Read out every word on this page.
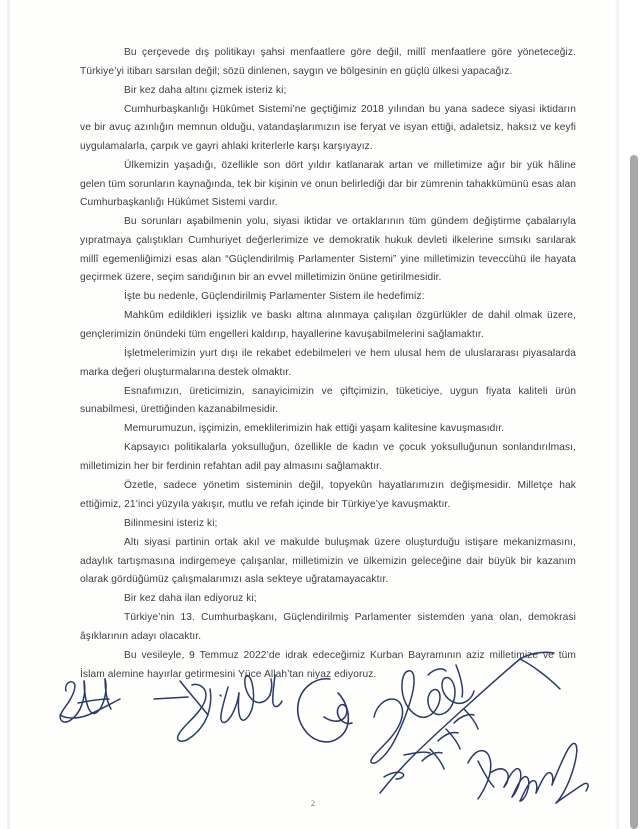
Bu çerçevede dış politikayı şahsi menfaatlere göre değil, millî menfaatlere göre yöneteceğiz. Türkiye’yi itibarı sarsılan değil; sözü dinlenen, saygın ve bölgesinin en güçlü ülkesi yapacağız.

Bir kez daha altını çizmek isteriz ki;

Cumhurbaşkanlığı Hükûmet Sistemi’ne geçtiğimiz 2018 yılından bu yana sadece siyasi iktidarın ve bir avuç azınlığın memnun olduğu, vatandaşlarımızın ise feryat ve isyan ettiği, adaletsiz, haksız ve keyfi uygulamalarla, çarpık ve gayri ahlaki kriterlerle karşı karşıyayız.

Ülkemizin yaşadığı, özellikle son dört yıldır katlanarak artan ve milletimize ağır bir yük hâline gelen tüm sorunların kaynağında, tek bir kişinin ve onun belirlediği dar bir zümrenin tahakkümünü esas alan Cumhurbaşkanlığı Hükûmet Sistemi vardır.

Bu sorunları aşabilmenin yolu, siyasi iktidar ve ortaklarının tüm gündem değiştirme çabalarıyla yıpratmaya çalıştıkları Cumhuriyet değerlerimize ve demokratik hukuk devleti ilkelerine sımsıkı sarılarak millî egemenliğimizi esas alan “Güçlendirilmiş Parlamenter Sistemi” yine milletimizin teveccühü ile hayata geçirmek üzere, seçim sandığının bir an evvel milletimizin önüne getirilmesidir.

İşte bu nedenle, Güçlendirilmiş Parlamenter Sistem ile hedefimiz:

Mahkûm edildikleri işsizlik ve baskı altına alınmaya çalışılan özgürlükler de dahil olmak üzere, gençlerimizin önündeki tüm engelleri kaldırıp, hayallerine kavuşabilmelerini sağlamaktır.

İşletmelerimizin yurt dışı ile rekabet edebilmeleri ve hem ulusal hem de uluslararası piyasalarda marka değeri oluşturmalarına destek olmaktır.

Esnafımızın, üreticimizin, sanayicimizin ve çiftçimizin, tüketiciye, uygun fiyata kaliteli ürün sunabilmesi, ürettiğinden kazanabilmesidir.

Memurumuzun, işçimizin, emeklilerimizin hak ettiği yaşam kalitesine kavuşmasıdır.

Kapsayıcı politikalarla yoksulluğun, özellikle de kadın ve çocuk yoksulluğunun sonlandırılması, milletimizin her bir ferdinin refahtan adil pay almasını sağlamaktır.

Özetle, sadece yönetim sisteminin değil, topyekûn hayatlarımızın değişmesidir. Milletçe hak ettiğimiz, 21’inci yüzyıla yakışır, mutlu ve refah içinde bir Türkiye’ye kavuşmaktır.

Bilinmesini isteriz ki;

Altı siyasi partinin ortak akıl ve makulde buluşmak üzere oluşturduğu istişare mekanizmasını, adaylık tartışmasına indirgemeye çalışanlar, milletimizin ve ülkemizin geleceğine dair büyük bir kazanım olarak gördüğümüz çalışmalarımızı asla sekteye uğratamayacaktır.

Bir kez daha ilan ediyoruz ki;

Türkiye’nin 13. Cumhurbaşkanı, Güçlendirilmiş Parlamenter sistemden yana olan, demokrasi âşıklarının adayı olacaktır.

Bu vesileyle, 9 Temmuz 2022’de idrak edeceğimiz Kurban Bayramının aziz milletimize ve tüm İslam alemine hayırlar getirmesini Yüce Allah’tan niyaz ediyoruz.

2
